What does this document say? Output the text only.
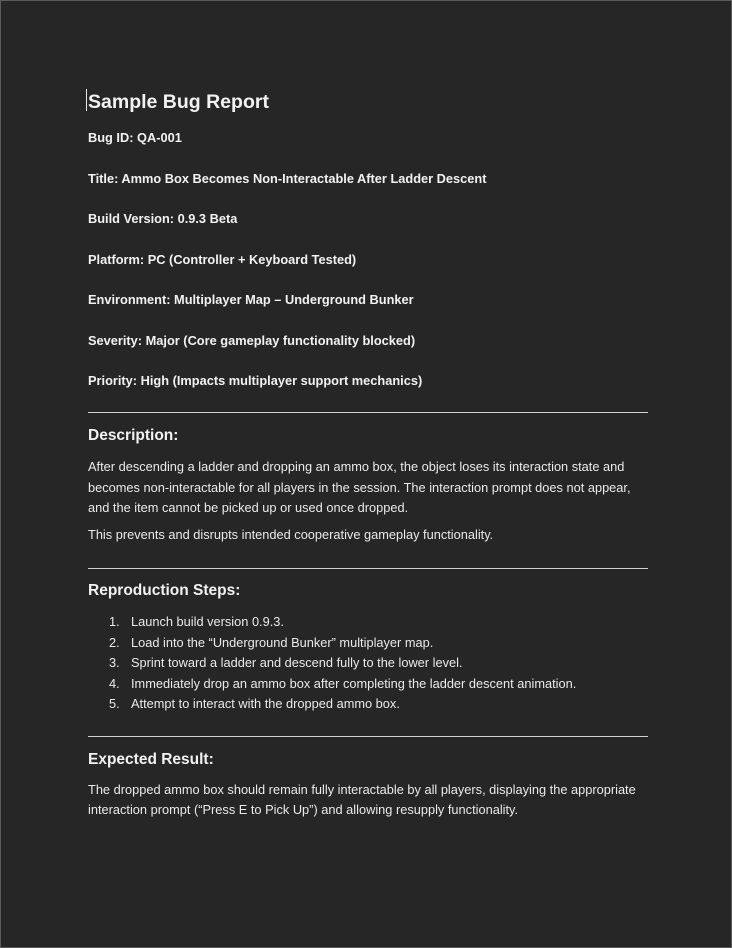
Sample Bug Report

Bug ID: QA-001

Title: Ammo Box Becomes Non-Interactable After Ladder Descent

Build Version: 0.9.3 Beta

Platform: PC (Controller + Keyboard Tested)

Environment: Multiplayer Map – Underground Bunker

Severity: Major (Core gameplay functionality blocked)

Priority: High (Impacts multiplayer support mechanics)

Description:

After descending a ladder and dropping an ammo box, the object loses its interaction state and becomes non-interactable for all players in the session. The interaction prompt does not appear, and the item cannot be picked up or used once dropped.

This prevents and disrupts intended cooperative gameplay functionality.

Reproduction Steps:
1. Launch build version 0.9.3.
2. Load into the “Underground Bunker” multiplayer map.
3. Sprint toward a ladder and descend fully to the lower level.
4. Immediately drop an ammo box after completing the ladder descent animation.
5. Attempt to interact with the dropped ammo box.
Expected Result:

The dropped ammo box should remain fully interactable by all players, displaying the appropriate interaction prompt (“Press E to Pick Up”) and allowing resupply functionality.
